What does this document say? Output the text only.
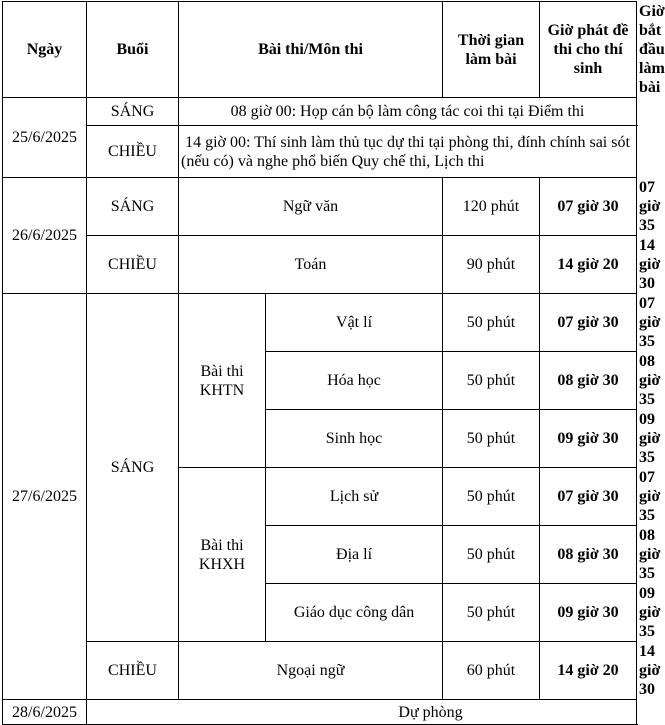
Ngày	Buổi	Bài thi/Môn thi		Thời gian làm bài	Giờ phát đề thi cho thí sinh	Giờ bắt đầu làm bài
25/6/2025	SÁNG	08 giờ 00: Họp cán bộ làm công tác coi thi tại Điểm thi				
	CHIỀU	14 giờ 00: Thí sinh làm thủ tục dự thi tại phòng thi, đính chính sai sót (nếu có) và nghe phổ biến Quy chế thi, Lịch thi				
26/6/2025	SÁNG	Ngữ văn		120 phút	07 giờ 30	07 giờ 35
	CHIỀU	Toán		90 phút	14 giờ 20	14 giờ 30
27/6/2025	SÁNG	Bài thi KHTN	Vật lí	50 phút	07 giờ 30	07 giờ 35
			Hóa học	50 phút	08 giờ 30	08 giờ 35
			Sinh học	50 phút	09 giờ 30	09 giờ 35
		Bài thi KHXH	Lịch sử	50 phút	07 giờ 30	07 giờ 35
			Địa lí	50 phút	08 giờ 30	08 giờ 35
			Giáo dục công dân	50 phút	09 giờ 30	09 giờ 35
	CHIỀU	Ngoại ngữ		60 phút	14 giờ 20	14 giờ 30
28/6/2025	Dự phòng					
